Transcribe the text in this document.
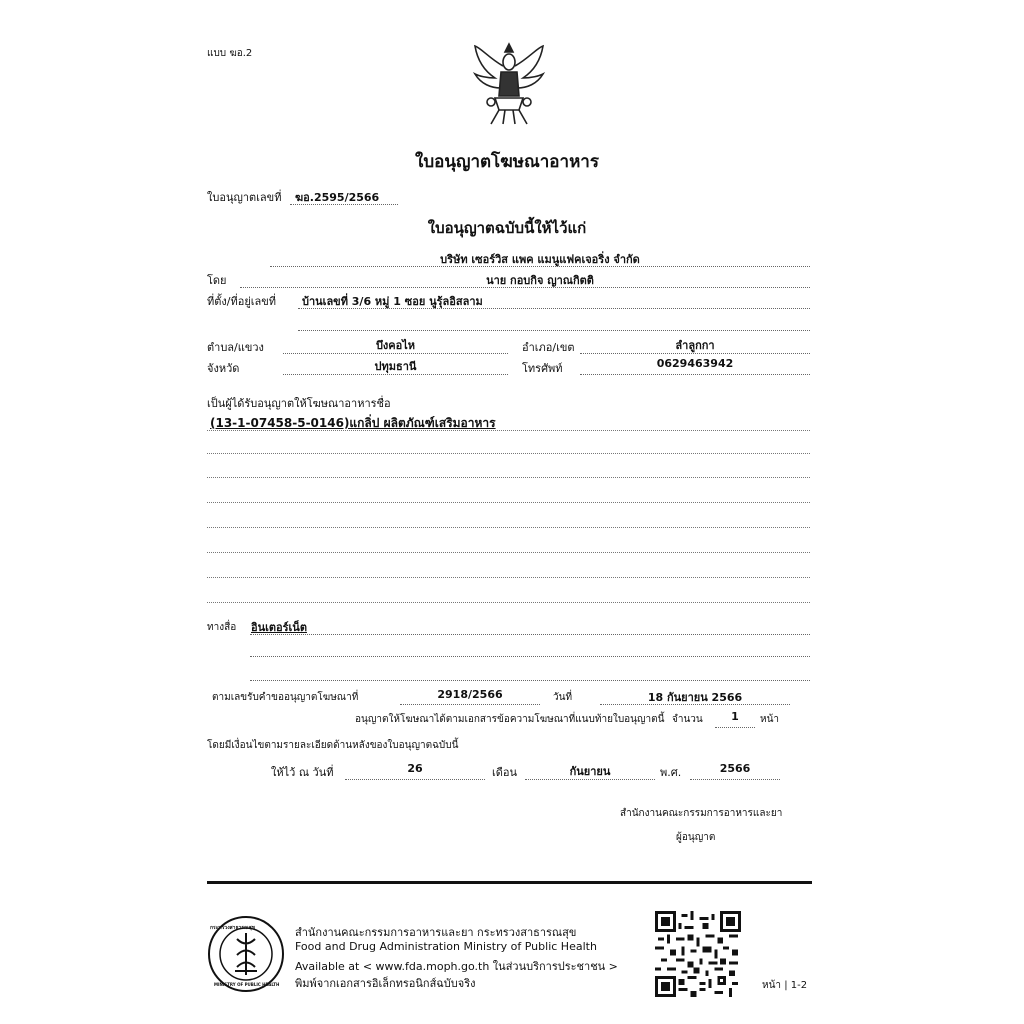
แบบ ฆอ.2
ใบอนุญาตโฆษณาอาหาร
ใบอนุญาตเลขที่ ฆอ.2595/2566
ใบอนุญาตฉบับนี้ให้ไว้แก่
บริษัท เซอร์วิส แพค แมนูแฟคเจอริ่ง จำกัด
โดย	นาย กอบกิจ ญาณกิตติ
ที่ตั้ง/ที่อยู่เลขที่ บ้านเลขที่ 3/6 หมู่ 1 ซอย นูรุ้ลอิสลาม
ตำบล/แขวง	บึงคอไห	อำเภอ/เขต	ลำลูกกา
จังหวัด	ปทุมธานี	โทรศัพท์	0629463942
เป็นผู้ได้รับอนุญาตให้โฆษณาอาหารชื่อ
(13-1-07458-5-0146)แกลิ่ป ผลิตภัณฑ์เสริมอาหาร
ทางสื่อ อินเตอร์เน็ต
ตามเลขรับคำขออนุญาตโฆษณาที่	2918/2566	วันที่	18 กันยายน 2566
อนุญาตให้โฆษณาได้ตามเอกสารข้อความโฆษณาที่แนบท้ายใบอนุญาตนี้ จำนวน	1	หน้า
โดยมีเงื่อนไขตามรายละเอียดด้านหลังของใบอนุญาตฉบับนี้
ให้ไว้ ณ วันที่	26	เดือน	กันยายน	พ.ศ.	2566
สำนักงานคณะกรรมการอาหารและยา
ผู้อนุญาต
กระทรวงสาธารณสุข
MINISTRY OF PUBLIC HEALTH
สำนักงานคณะกรรมการอาหารและยา กระทรวงสาธารณสุข
Food and Drug Administration Ministry of Public Health
Available at < www.fda.moph.go.th ในส่วนบริการประชาชน >
พิมพ์จากเอกสารอิเล็กทรอนิกส์ฉบับจริง	หน้า | 1-2
